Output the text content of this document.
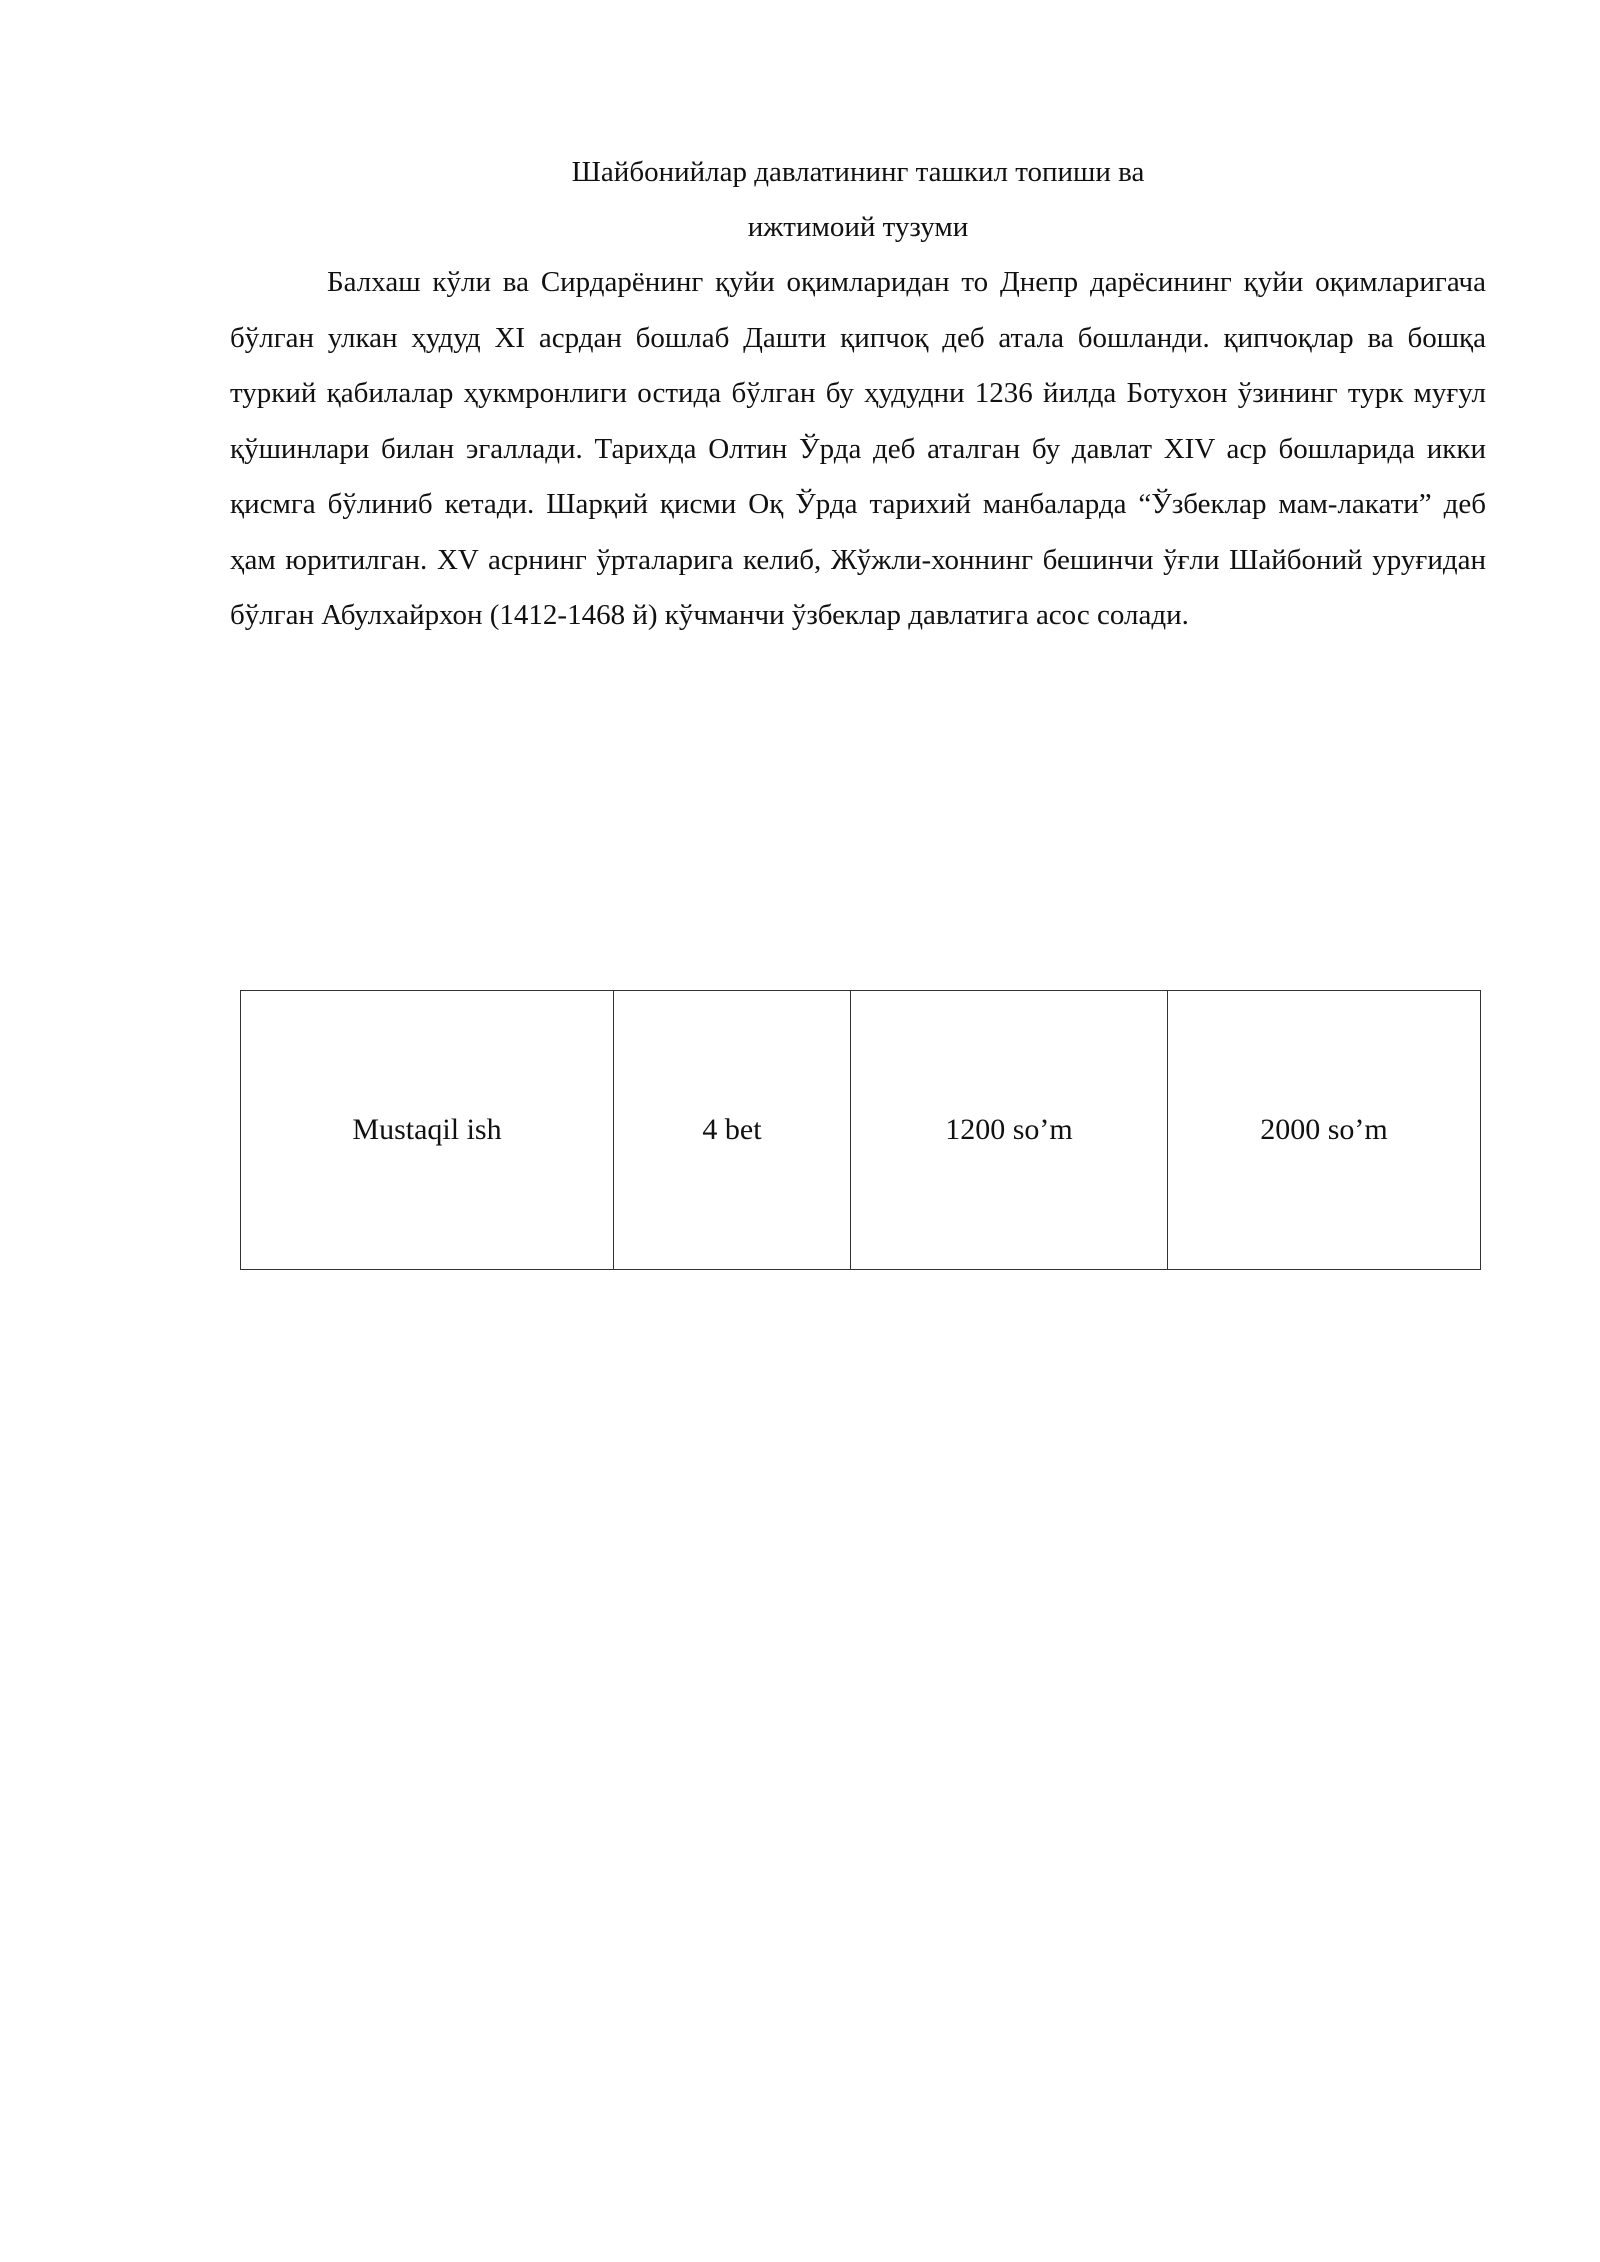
Шайбонийлар давлатининг ташкил топиши ва
ижтимоий тузуми

Балхаш кўли ва Сирдарёнинг қуйи оқимларидан то Днепр дарёсининг қуйи оқимларигача бўлган улкан ҳудуд XI асрдан бошлаб Дашти қипчоқ деб атала бошланди. қипчоқлар ва бошқа туркий қабилалар ҳукмронлиги остида бўлган бу ҳудудни 1236 йилда Ботухон ўзининг турк муғул қўшинлари билан эгаллади. Тарихда Олтин Ўрда деб аталган бу давлат XIV аср бошларида икки қисмга бўлиниб кетади. Шарқий қисми Оқ Ўрда тарихий манбаларда “Ўзбеклар мам-лакати” деб ҳам юритилган. XV асрнинг ўрталарига келиб, Жўжли-хоннинг бешинчи ўғли Шайбоний уруғидан бўлган Абулхайрхон (1412-1468 й) кўчманчи ўзбеклар давлатига асос солади.

Mustaqil ish	4 bet	1200 so’m	2000 so’m
